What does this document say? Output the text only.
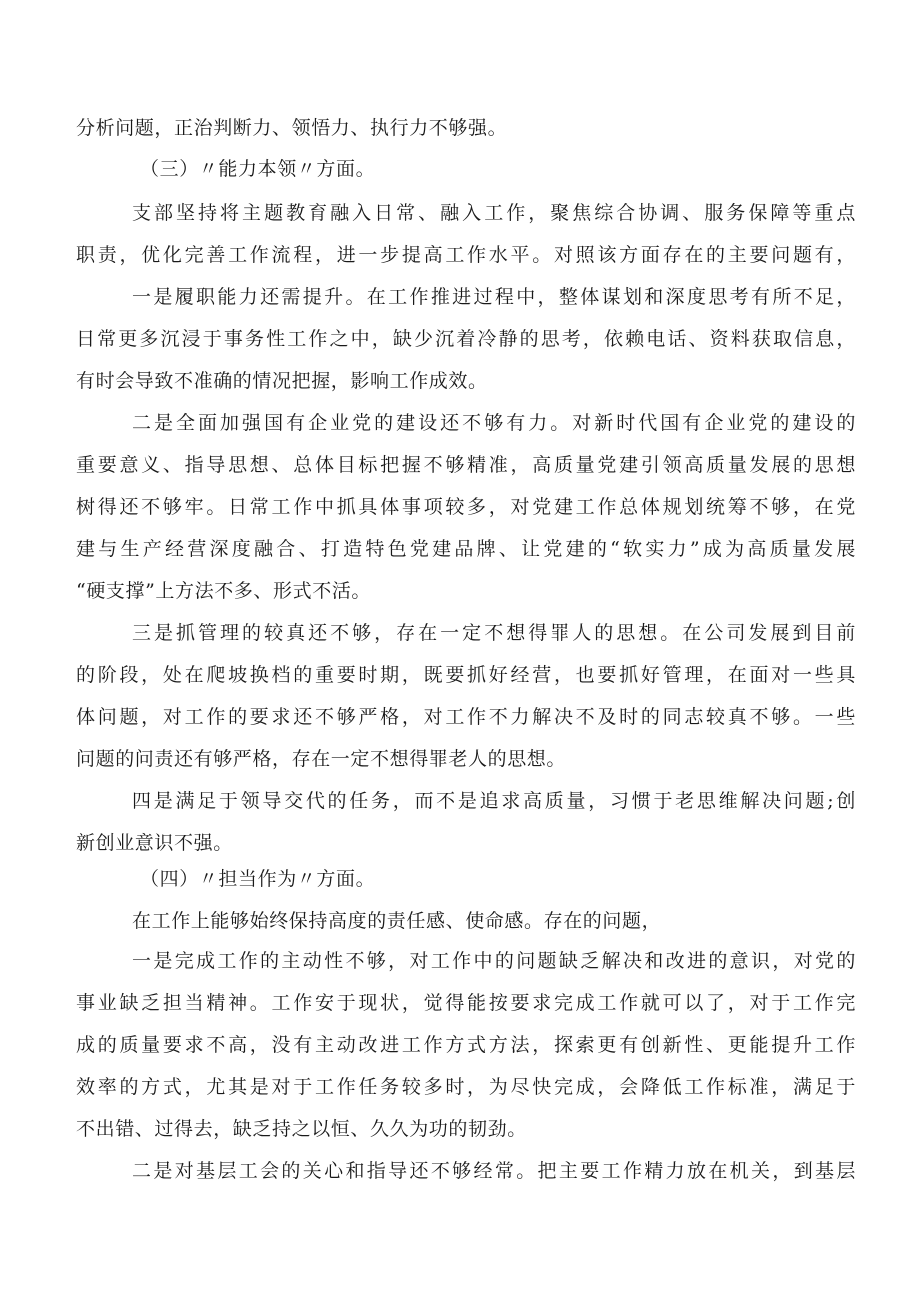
分析问题，正治判断力、领悟力、执行力不够强。
（三）〃能力本领〃方面。
支部坚持将主题教育融入日常、融入工作，聚焦综合协调、服务保障等重点
职责，优化完善工作流程，进一步提高工作水平。对照该方面存在的主要问题有，
一是履职能力还需提升。在工作推进过程中，整体谋划和深度思考有所不足，
日常更多沉浸于事务性工作之中，缺少沉着冷静的思考，依赖电话、资料获取信息，
有时会导致不准确的情况把握，影响工作成效。
二是全面加强国有企业党的建设还不够有力。对新时代国有企业党的建设的
重要意义、指导思想、总体目标把握不够精准，高质量党建引领高质量发展的思想
树得还不够牢。日常工作中抓具体事项较多，对党建工作总体规划统筹不够，在党
建与生产经营深度融合、打造特色党建品牌、让党建的“软实力”成为高质量发展
“硬支撑”上方法不多、形式不活。
三是抓管理的较真还不够，存在一定不想得罪人的思想。在公司发展到目前
的阶段，处在爬坡换档的重要时期，既要抓好经营，也要抓好管理，在面对一些具
体问题，对工作的要求还不够严格，对工作不力解决不及时的同志较真不够。一些
问题的问责还有够严格，存在一定不想得罪老人的思想。
四是满足于领导交代的任务，而不是追求高质量，习惯于老思维解决问题;创
新创业意识不强。
（四）〃担当作为〃方面。
在工作上能够始终保持高度的责任感、使命感。存在的问题，
一是完成工作的主动性不够，对工作中的问题缺乏解决和改进的意识，对党的
事业缺乏担当精神。工作安于现状，觉得能按要求完成工作就可以了，对于工作完
成的质量要求不高，没有主动改进工作方式方法，探索更有创新性、更能提升工作
效率的方式，尤其是对于工作任务较多时，为尽快完成，会降低工作标准，满足于
不出错、过得去，缺乏持之以恒、久久为功的韧劲。
二是对基层工会的关心和指导还不够经常。把主要工作精力放在机关，到基层
